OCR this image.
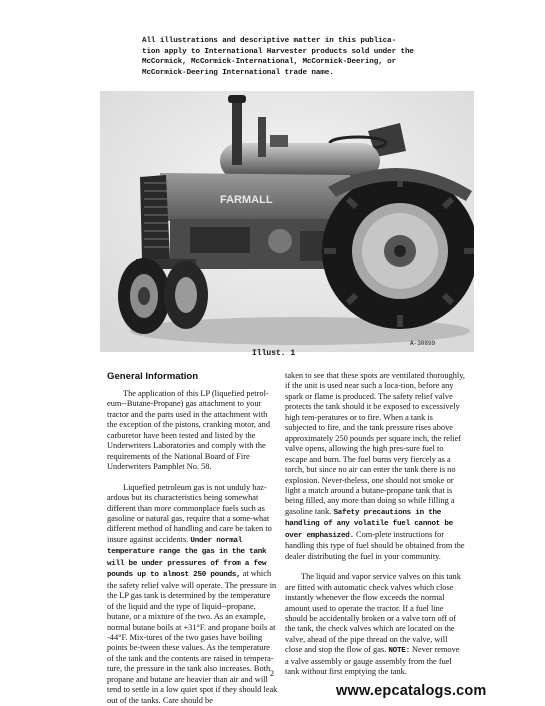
All illustrations and descriptive matter in this publica-
tion apply to International Harvester products sold under the
McCormick, McCormick-International, McCormick-Deering, or
McCormick-Deering International trade name.
FARMALL
A-30899
Illust. 1
General Information

The application of this LP (liquefied petrol-eum--Butane-Propane) gas attachment to your tractor and the parts used in the attachment with the exception of the pistons, cranking motor, and carburetor have been tested and listed by the Underwriters Laboratories and comply with the requirements of the National Board of Fire Underwriters Pamphlet No. 58.

Liquefied petroleum gas is not unduly haz-ardous but its characteristics being somewhat different than more commonplace fuels such as gasoline or natural gas, require that a some-what different method of handling and care be taken to insure against accidents. Under normal temperature range the gas in the tank will be under pressures of from a few pounds up to almost 250 pounds, at which the safety relief valve will operate. The pressure in the LP gas tank is determined by the temperature of the liquid and the type of liquid--propane, butane, or a mixture of the two. As an example, normal butane boils at +31°F. and propane boils at -44°F. Mix-tures of the two gases have boiling points be-tween these values. As the temperature of the tank and the contents are raised in tempera-ture, the pressure in the tank also increases. Both propane and butane are heavier than air and will tend to settle in a low quiet spot if they should leak out of the tanks. Care should be

taken to see that these spots are ventilated thoroughly, if the unit is used near such a loca-tion, before any spark or flame is produced. The safety relief valve protects the tank should it be exposed to excessively high tem-peratures or to fire. When a tank is subjected to fire, and the tank pressure rises above approximately 250 pounds per square inch, the relief valve opens, allowing the high pres-sure fuel to escape and burn. The fuel burns very fiercely as a torch, but since no air can enter the tank there is no explosion. Never-theless, one should not smoke or light a match around a butane-propane tank that is being filled, any more than doing so while filling a gasoline tank. Safety precautions in the handling of any volatile fuel cannot be over emphasized. Com-plete instructions for handling this type of fuel should be obtained from the dealer distributing the fuel in your community.

The liquid and vapor service valves on this tank are fitted with automatic check valves which close instantly whenever the flow exceeds the normal amount used to operate the tractor. If a fuel line should be accidentally broken or a valve torn off of the tank, the check valves which are located on the valve, ahead of the pipe thread on the valve, will close and stop the flow of gas. NOTE: Never remove a valve assembly or gauge assembly from the fuel tank without first emptying the tank.

2
www.epcatalogs.com
